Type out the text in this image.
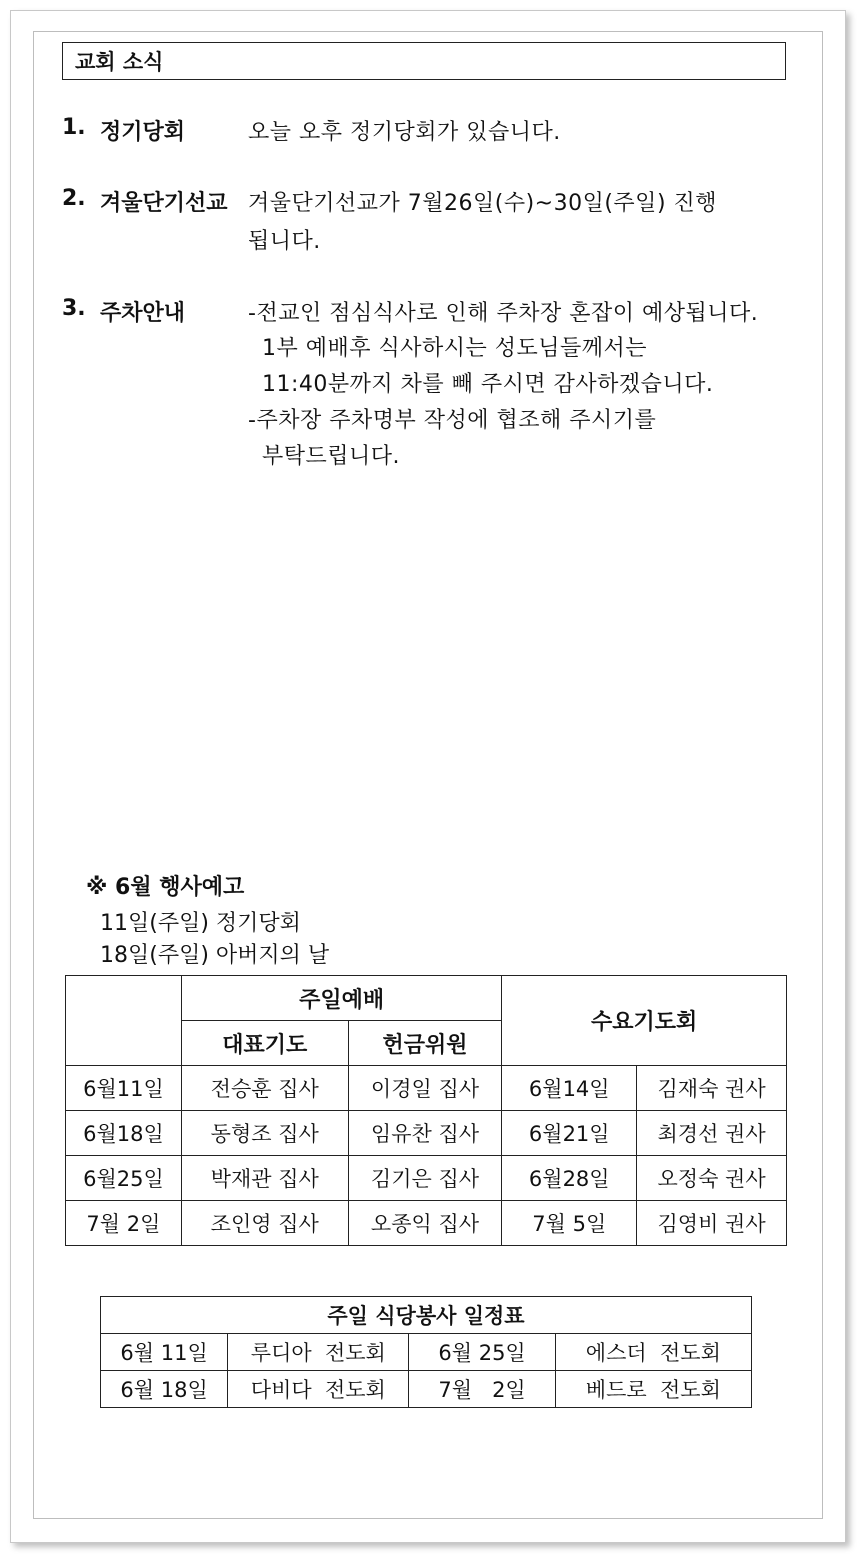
교회 소식
1. 정기당회	오늘 오후 정기당회가 있습니다.
2. 겨울단기선교 겨울단기선교가 7월26일(수)~30일(주일) 진행
됩니다.
3. 주차안내	-전교인 점심식사로 인해 주차장 혼잡이 예상됩니다.
1부 예배후 식사하시는 성도님들께서는
11:40분까지 차를 빼 주시면 감사하겠습니다.
-주차장 주차명부 작성에 협조해 주시기를
부탁드립니다.
※ 6월 행사예고
11일(주일) 정기당회
18일(주일) 아버지의 날
	주일예배		수요기도회	
	대표기도	헌금위원		
6월11일	전승훈 집사	이경일 집사	6월14일	김재숙 권사
6월18일	동형조 집사	임유찬 집사	6월21일	최경선 권사
6월25일	박재관 집사	김기은 집사	6월28일	오정숙 권사
7월 2일	조인영 집사	오종익 집사	7월 5일	김영비 권사
주일 식당봉사 일정표			
6월 11일	루디아  전도회	6월 25일	에스더  전도회
6월 18일	다비다  전도회	7월   2일	베드로  전도회
